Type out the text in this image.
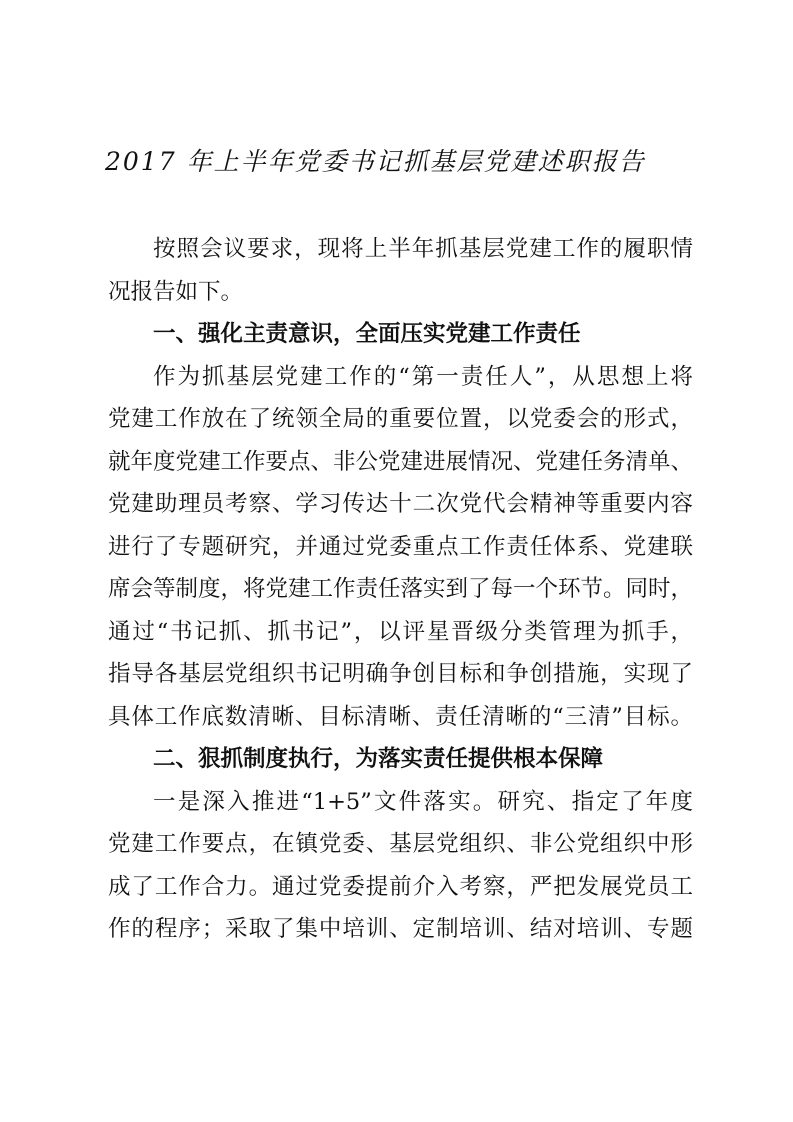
2017 年上半年党委书记抓基层党建述职报告
按照会议要求，现将上半年抓基层党建工作的履职情
况报告如下。
一、强化主责意识，全面压实党建工作责任
作为抓基层党建工作的“第一责任人”，从思想上将
党建工作放在了统领全局的重要位置，以党委会的形式，
就年度党建工作要点、非公党建进展情况、党建任务清单、
党建助理员考察、学习传达十二次党代会精神等重要内容
进行了专题研究，并通过党委重点工作责任体系、党建联
席会等制度，将党建工作责任落实到了每一个环节。同时，
通过“书记抓、抓书记”，以评星晋级分类管理为抓手，
指导各基层党组织书记明确争创目标和争创措施，实现了
具体工作底数清晰、目标清晰、责任清晰的“三清”目标。
二、狠抓制度执行，为落实责任提供根本保障
一是深入推进“1+5”文件落实。研究、指定了年度
党建工作要点，在镇党委、基层党组织、非公党组织中形
成了工作合力。通过党委提前介入考察，严把发展党员工
作的程序；采取了集中培训、定制培训、结对培训、专题
